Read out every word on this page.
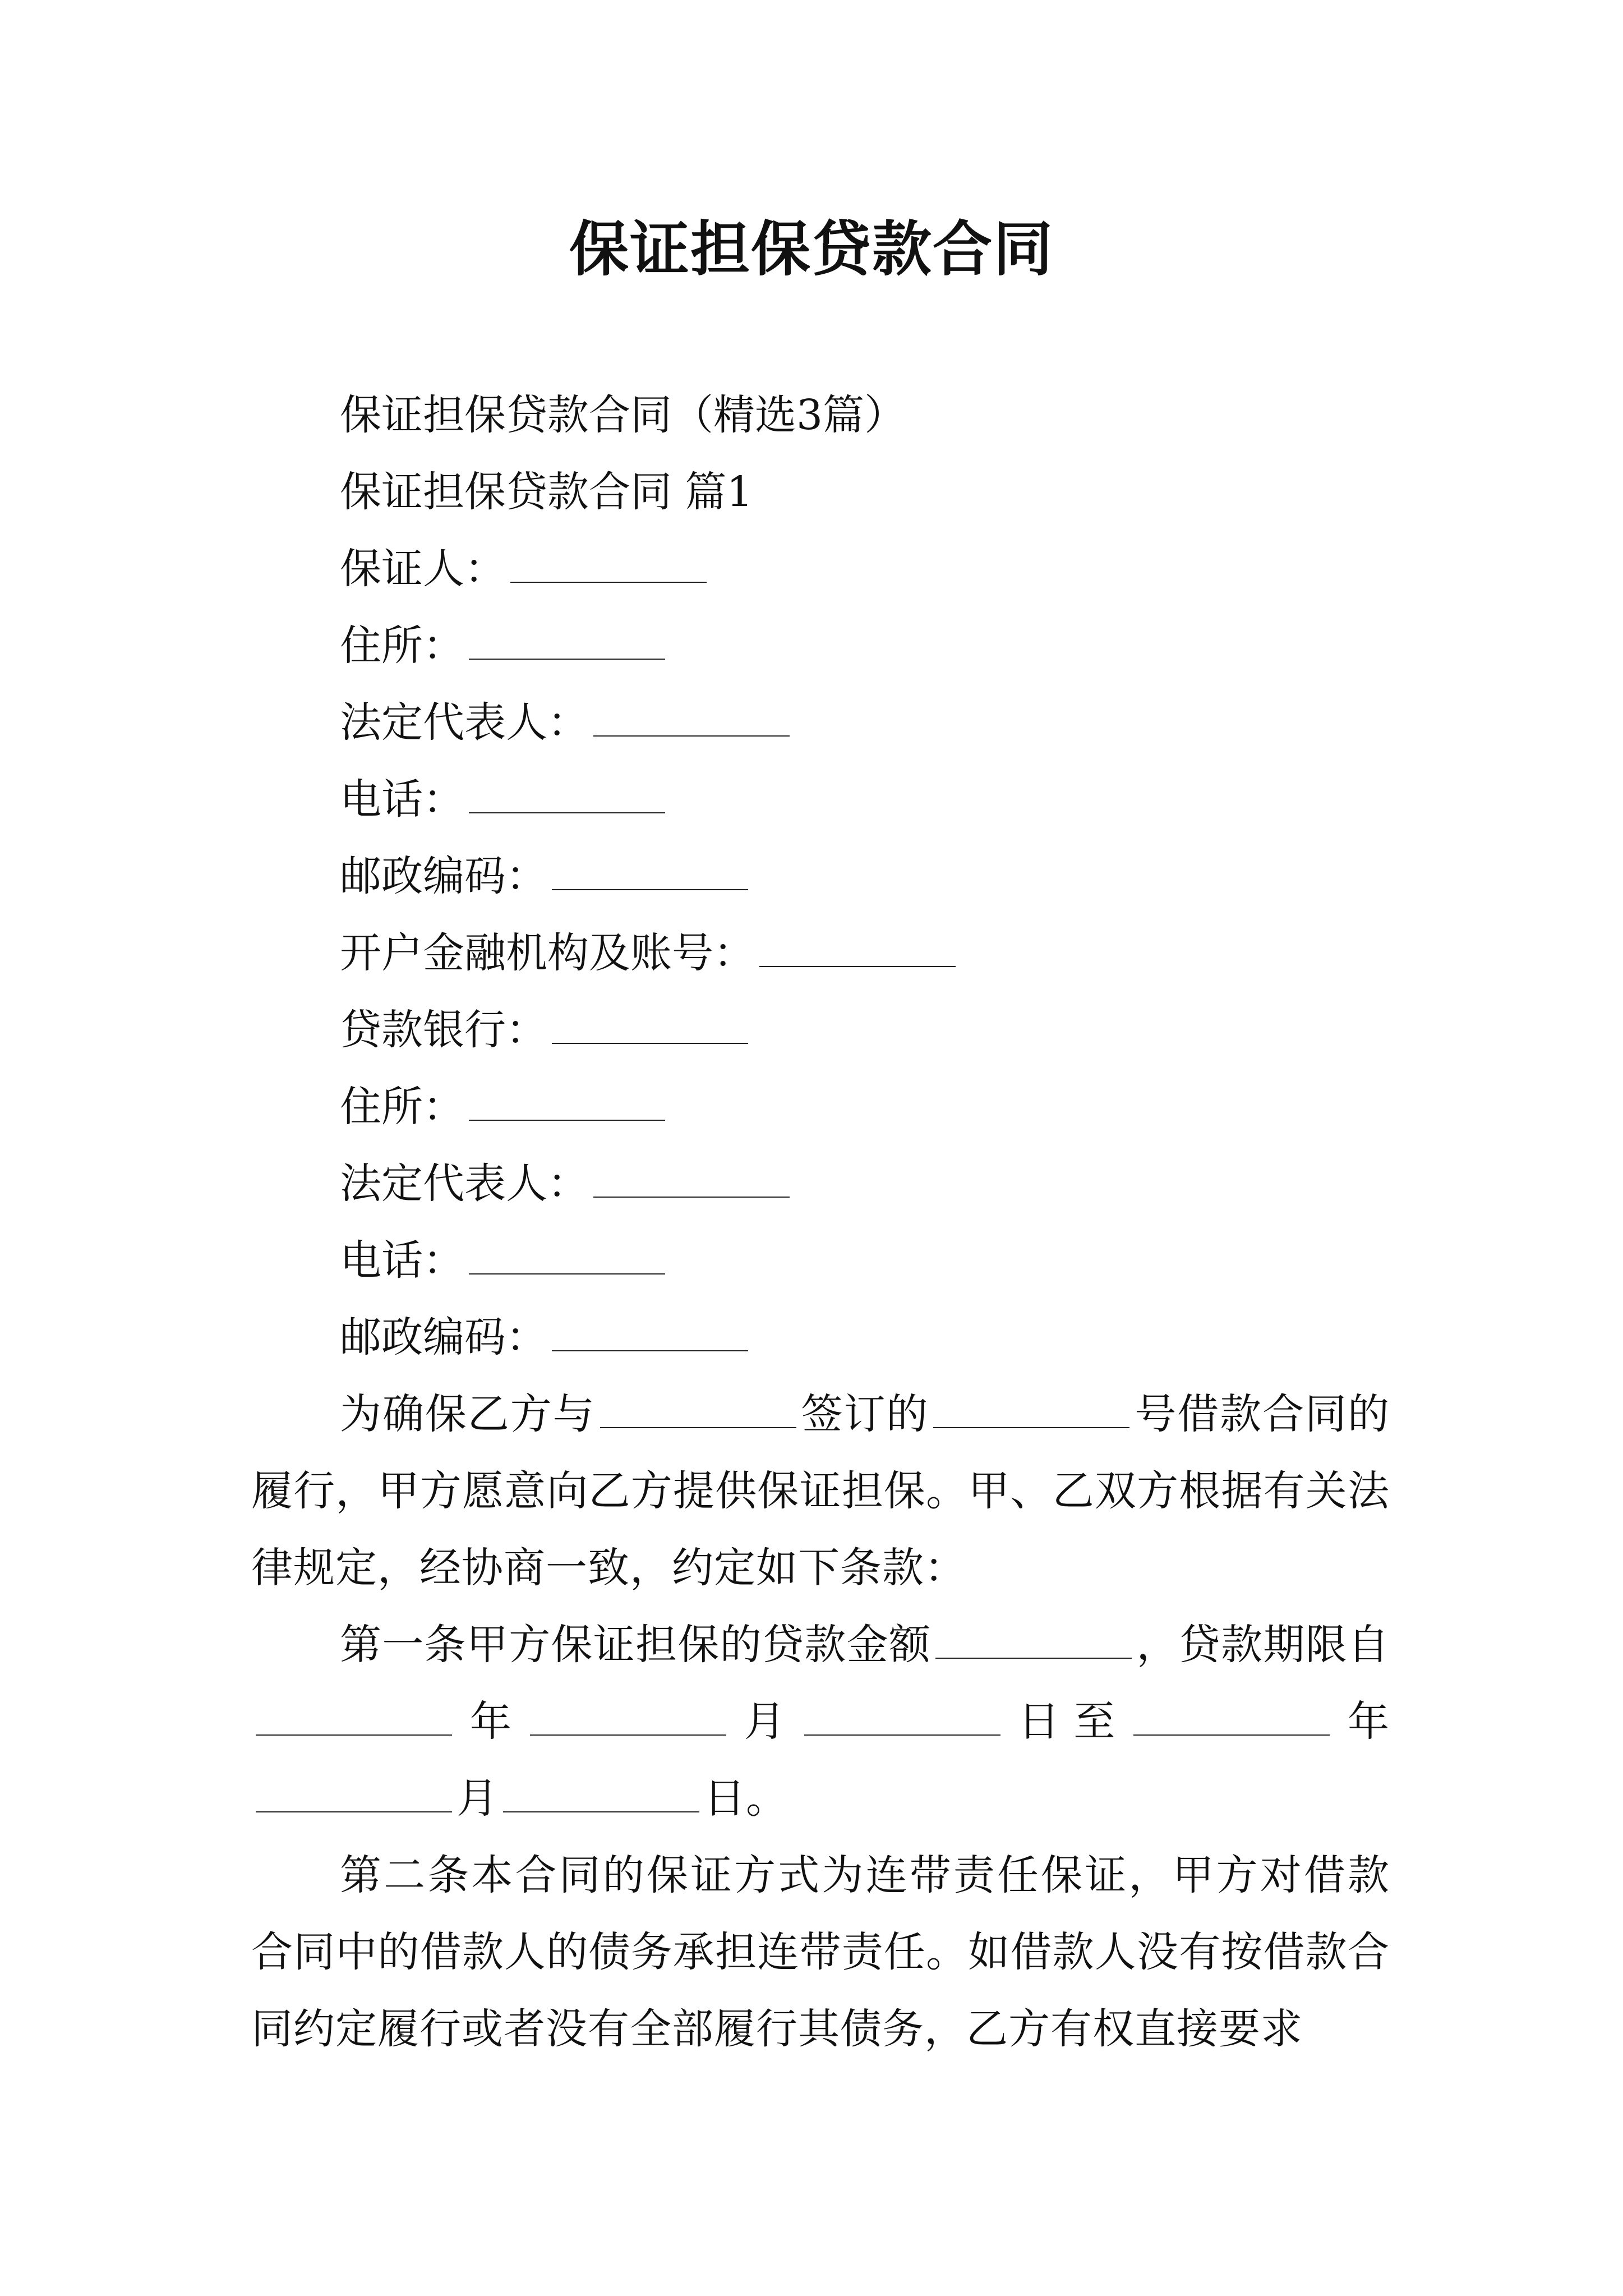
保证担保贷款合同
保证担保贷款合同（精选3篇）
保证担保贷款合同 篇1
保证人：
住所：
法定代表人：
电话：
邮政编码：
开户金融机构及账号：
贷款银行：
住所：
法定代表人：
电话：
邮政编码：

为确保乙方与	签订的	号借款合同的履行，甲方愿意向乙方提供保证担保。甲、乙双方根据有关法律规定，经协商一致，约定如下条款：

第一条甲方保证担保的贷款金额	，贷款期限自年	月	日至	年月	日。

第二条本合同的保证方式为连带责任保证，甲方对借款合同中的借款人的债务承担连带责任。如借款人没有按借款合同约定履行或者没有全部履行其债务，乙方有权直接要求
